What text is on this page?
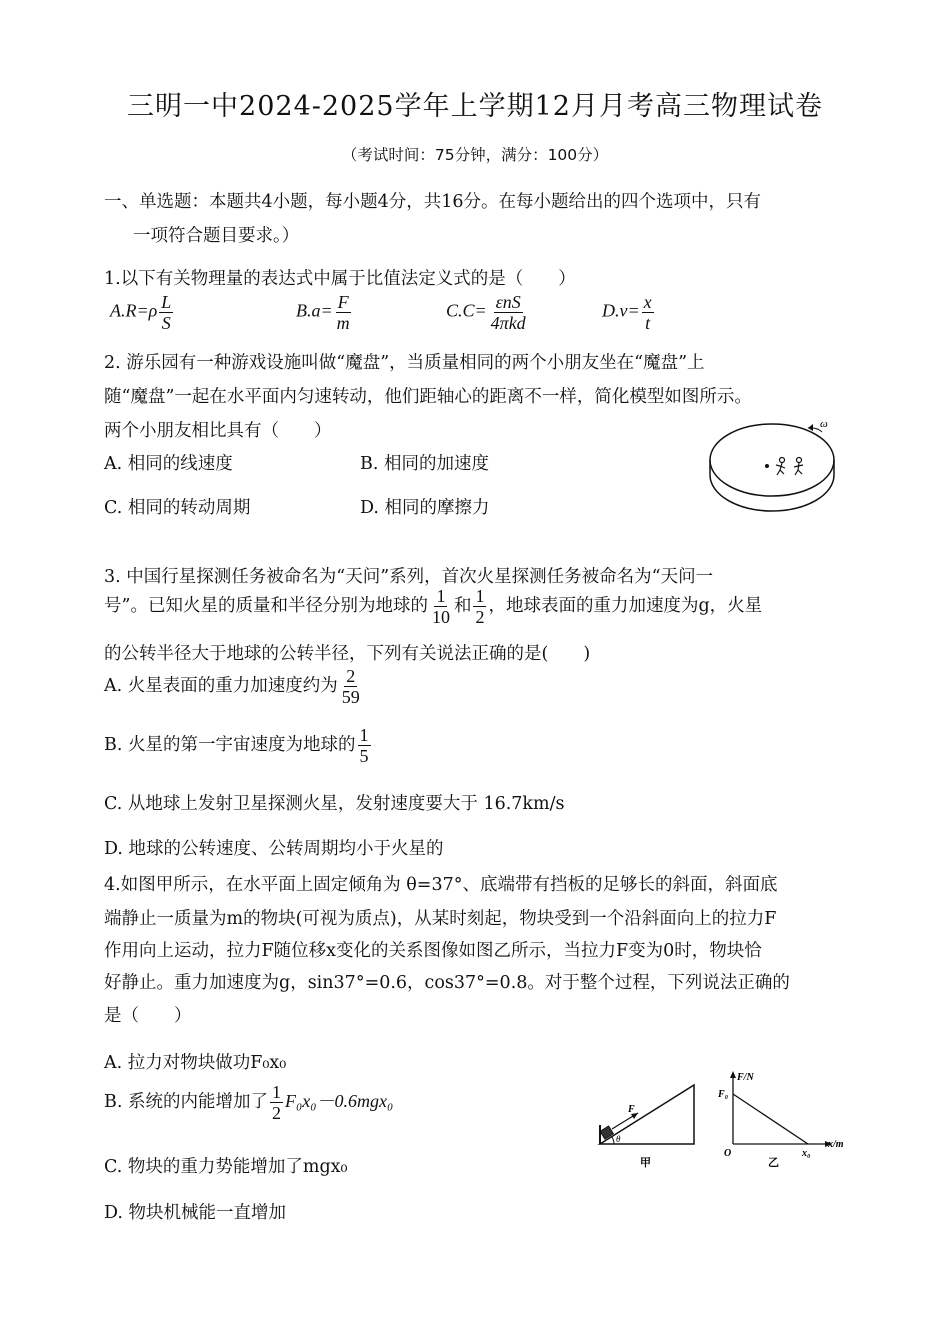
三明一中2024-2025学年上学期12月月考高三物理试卷
（考试时间：75分钟，满分：100分）
一、单选题：本题共4小题，每小题4分，共16分。在每小题给出的四个选项中，只有
一项符合题目要求。）
1.以下有关物理量的表达式中属于比值法定义式的是（　　）
$A.R=\rho \frac{L}{S}$	$B.a= \frac{F}{m}$	$C.C= \frac{\text{εnS}}{\text{4πkd}}$	$D.v= \frac{x}{t}$
2. 游乐园有一种游戏设施叫做“魔盘”，当质量相同的两个小朋友坐在“魔盘”上
随“魔盘”一起在水平面内匀速转动，他们距轴心的距离不一样，简化模型如图所示。
两个小朋友相比具有（　　）
A. 相同的线速度	B. 相同的加速度
C. 相同的转动周期	D. 相同的摩擦力
ω
3. 中国行星探测任务被命名为“天问”系列，首次火星探测任务被命名为“天问一
号”。已知火星的质量和半径分别为地球的 $\frac{1}{10}$ 和 $\frac{1}{2}$ ，地球表面的重力加速度为g，火星
的公转半径大于地球的公转半径，下列有关说法正确的是(　　)
A. 火星表面的重力加速度约为 $\frac{2}{59}$
B. 火星的第一宇宙速度为地球的 $\frac{1}{5}$
C. 从地球上发射卫星探测火星，发射速度要大于 16.7km/s
D. 地球的公转速度、公转周期均小于火星的
4.如图甲所示，在水平面上固定倾角为 θ=37°、底端带有挡板的足够长的斜面，斜面底
端静止一质量为m的物块(可视为质点)，从某时刻起，物块受到一个沿斜面向上的拉力F
作用向上运动，拉力F随位移x变化的关系图像如图乙所示，当拉力F变为0时，物块恰
好静止。重力加速度为g，sin37°=0.6，cos37°=0.8。对于整个过程，下列说法正确的
是（　　）
A. 拉力对物块做功F₀x₀
B. 系统的内能增加了 $\frac{1}{2} F_0x_0-0.6mgx_0$
C. 物块的重力势能增加了mgx₀
D. 物块机械能一直增加
F
θ
甲
F/N
x/m
F₀
O	x₀
乙
